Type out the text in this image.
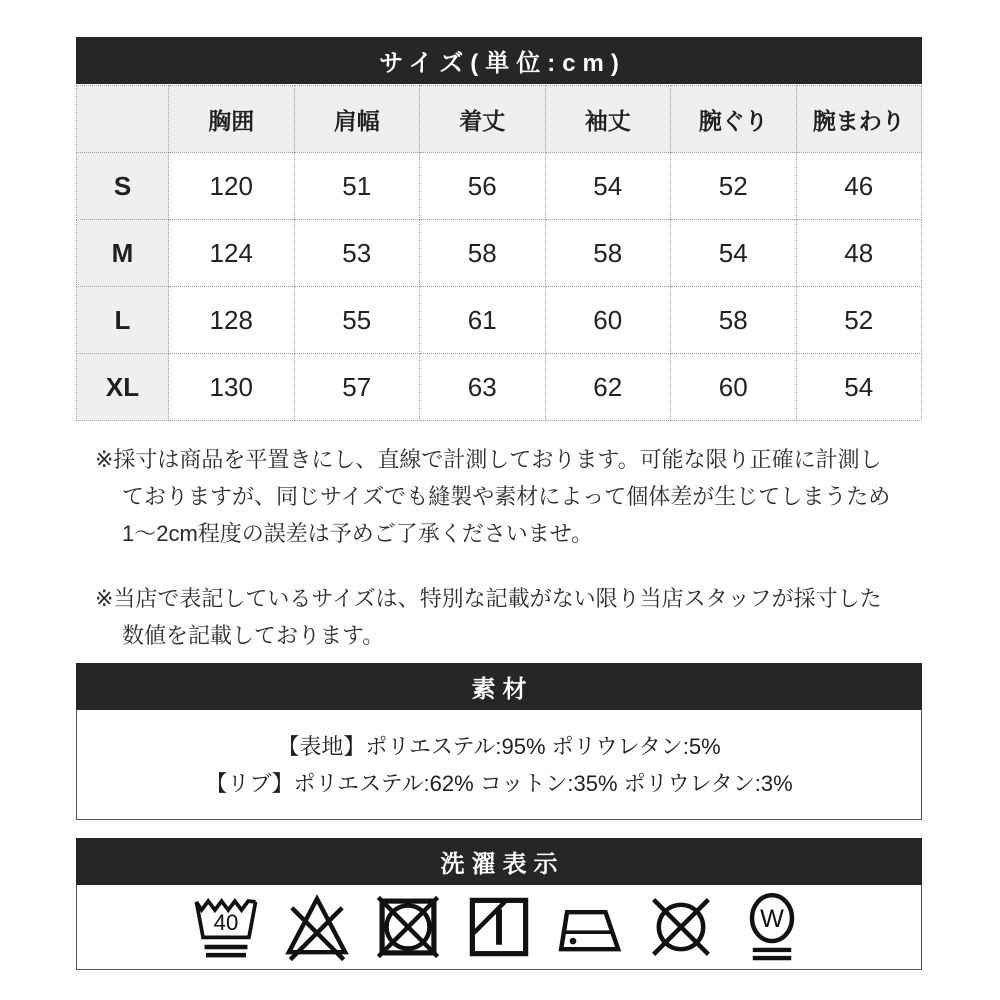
サイズ(単位:cm)
	胸囲	肩幅	着丈	袖丈	腕ぐり	腕まわり
S	120	51	56	54	52	46
M	124	53	58	58	54	48
L	128	55	61	60	58	52
XL	130	57	63	62	60	54
※採寸は商品を平置きにし、直線で計測しております。可能な限り正確に計測し
ておりますが、同じサイズでも縫製や素材によって個体差が生じてしまうため
1〜2cm程度の誤差は予めご了承くださいませ。
※当店で表記しているサイズは、特別な記載がない限り当店スタッフが採寸した
数値を記載しております。
素材
【表地】ポリエステル:95% ポリウレタン:5%
【リブ】ポリエステル:62% コットン:35% ポリウレタン:3%
洗濯表示
40	W
